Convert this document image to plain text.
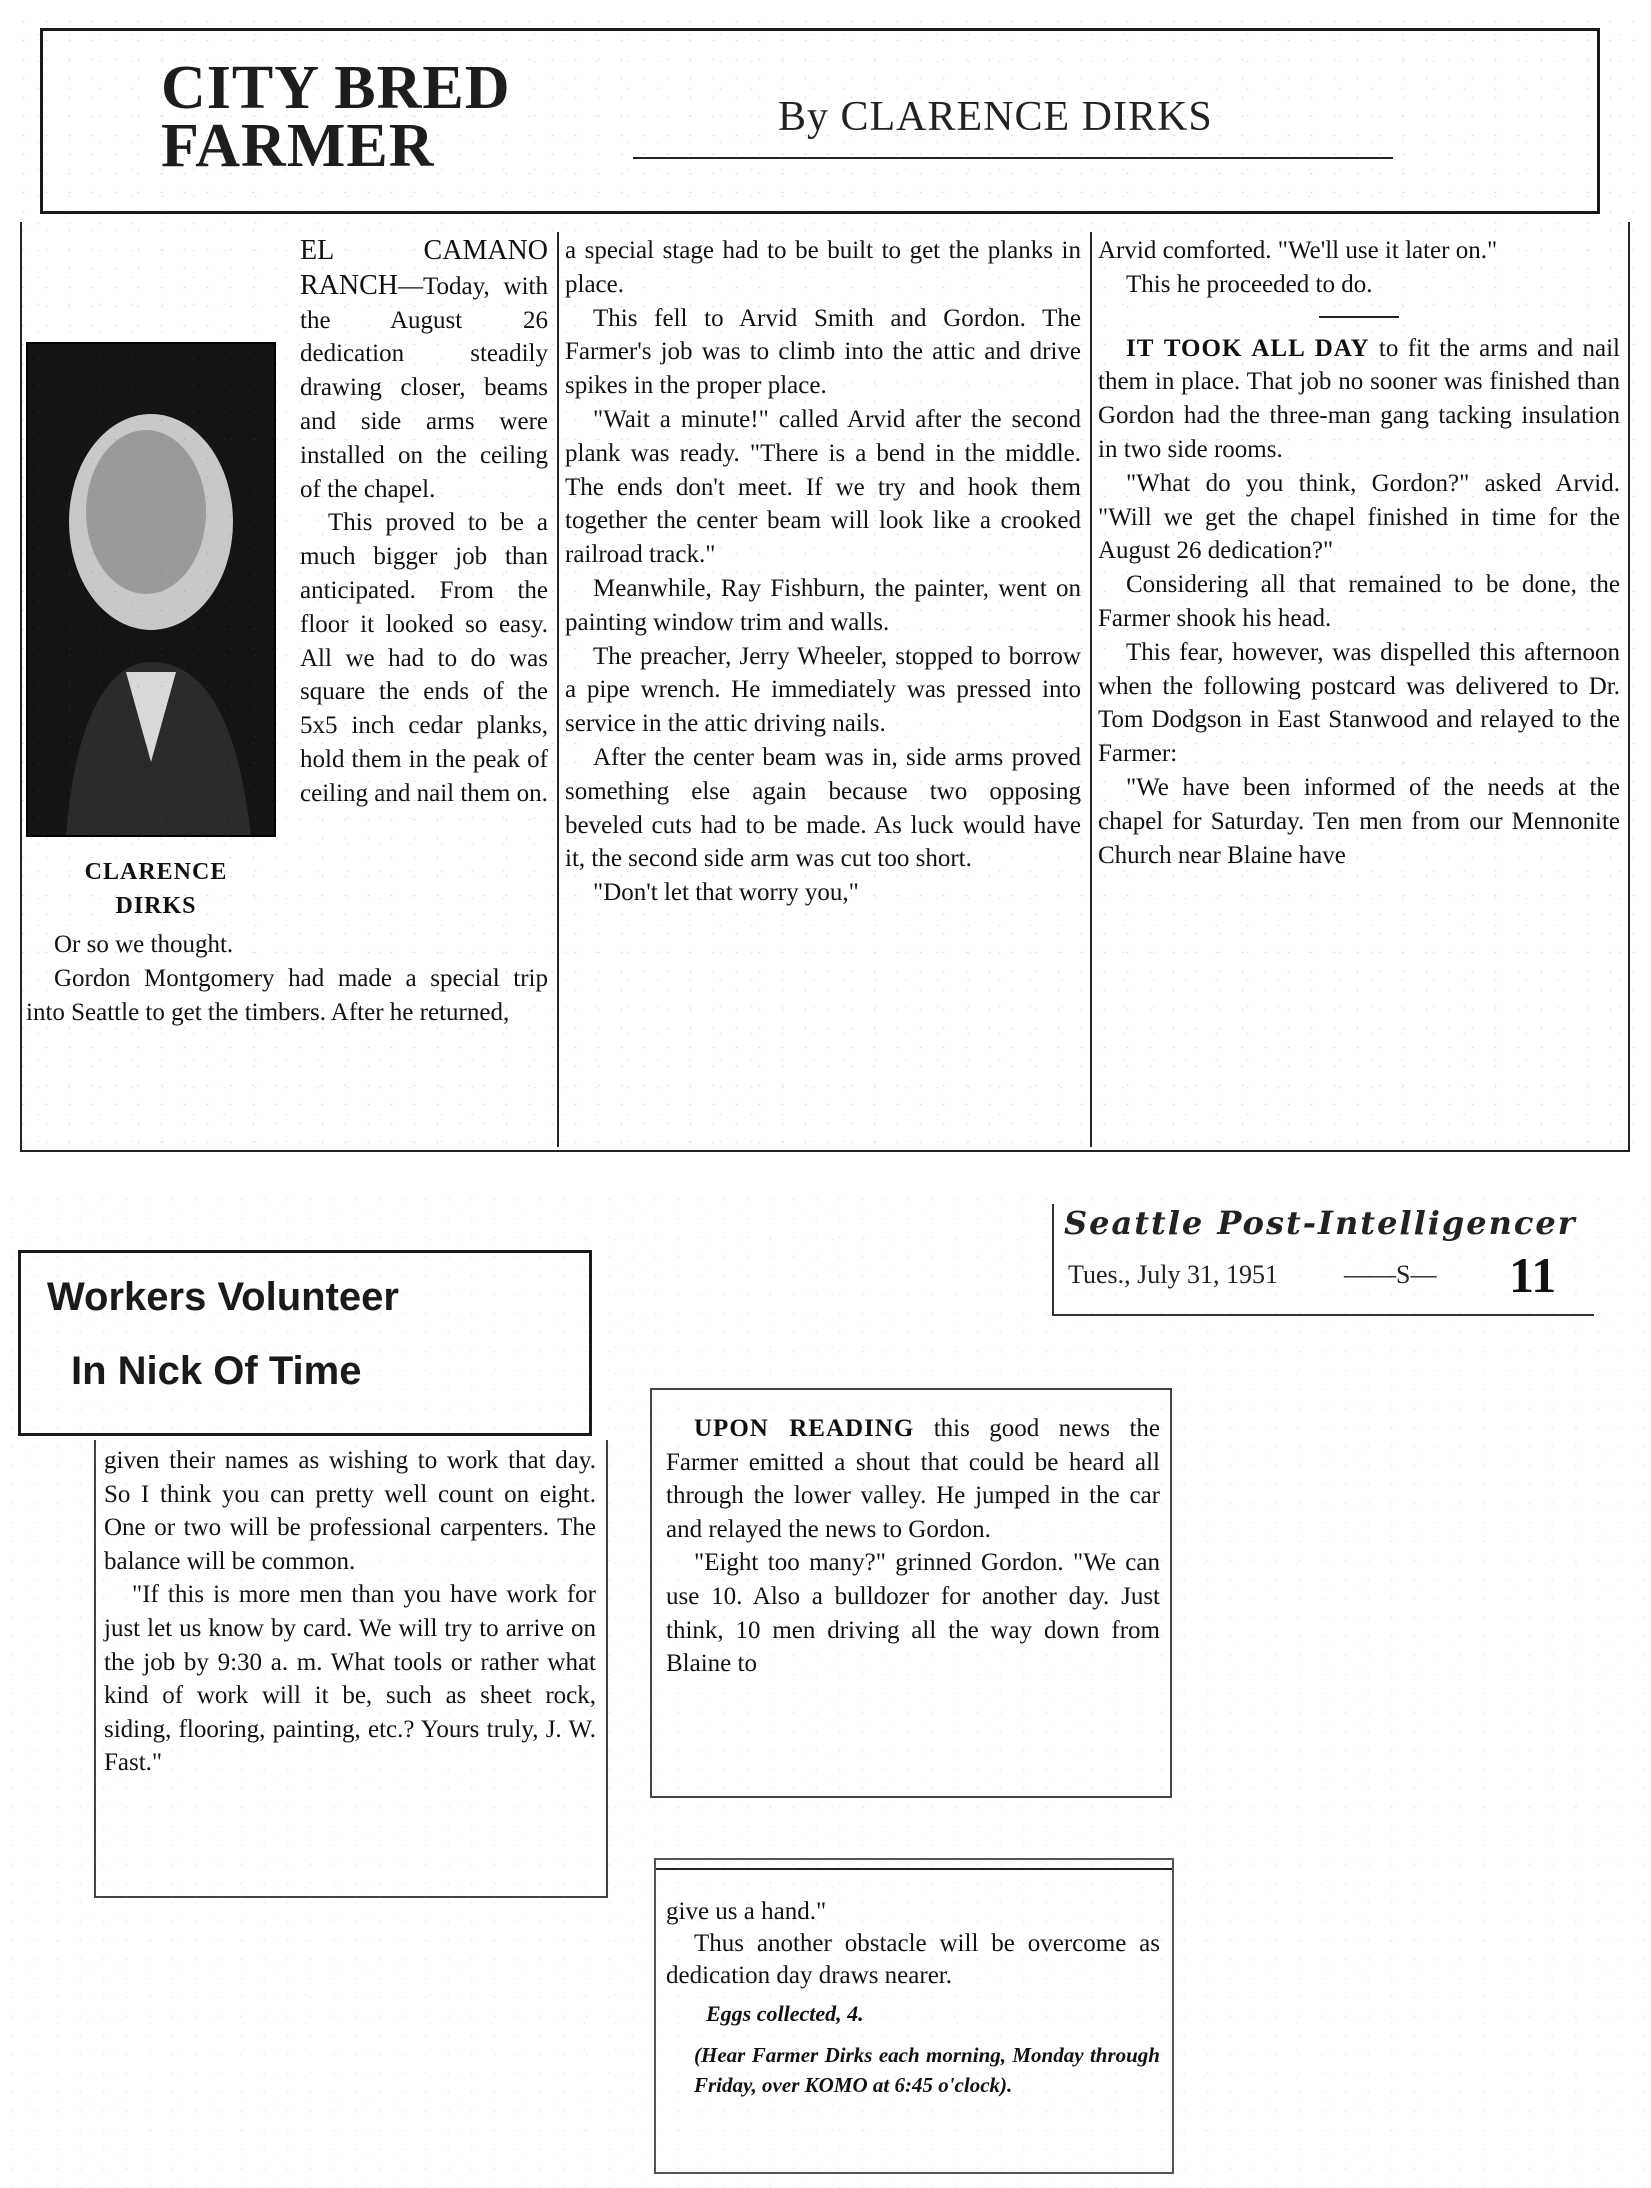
CITY BRED
FARMER	By CLARENCE DIRKS
CLARENCE
DIRKS

EL CAMANO RANCH—Today, with the August 26 dedication steadily drawing closer, beams and side arms were installed on the ceiling of the chapel.

This proved to be a much bigger job than anticipated. From the floor it looked so easy. All we had to do was square the ends of the 5x5 inch cedar planks, hold them in the peak of ceiling and nail them on.

Or so we thought.

Gordon Montgomery had made a special trip into Seattle to get the timbers. After he returned,

a special stage had to be built to get the planks in place.

This fell to Arvid Smith and Gordon. The Farmer's job was to climb into the attic and drive spikes in the proper place.

"Wait a minute!" called Arvid after the second plank was ready. "There is a bend in the middle. The ends don't meet. If we try and hook them together the center beam will look like a crooked railroad track."

Meanwhile, Ray Fishburn, the painter, went on painting window trim and walls.

The preacher, Jerry Wheeler, stopped to borrow a pipe wrench. He immediately was pressed into service in the attic driving nails.

After the center beam was in, side arms proved something else again because two opposing beveled cuts had to be made. As luck would have it, the second side arm was cut too short.

"Don't let that worry you,"

Arvid comforted. "We'll use it later on."

This he proceeded to do.

IT TOOK ALL DAY to fit the arms and nail them in place. That job no sooner was finished than Gordon had the three-man gang tacking insulation in two side rooms.

"What do you think, Gordon?" asked Arvid. "Will we get the chapel finished in time for the August 26 dedication?"

Considering all that remained to be done, the Farmer shook his head.

This fear, however, was dispelled this afternoon when the following postcard was delivered to Dr. Tom Dodgson in East Stanwood and relayed to the Farmer:

"We have been informed of the needs at the chapel for Saturday. Ten men from our Mennonite Church near Blaine have

Seattle Post-Intelligencer
Tues., July 31, 1951	——S— 11
Workers Volunteer
In Nick Of Time

given their names as wishing to work that day. So I think you can pretty well count on eight. One or two will be professional carpenters. The balance will be common.

"If this is more men than you have work for just let us know by card. We will try to arrive on the job by 9:30 a. m. What tools or rather what kind of work will it be, such as sheet rock, siding, flooring, painting, etc.? Yours truly, J. W. Fast."

UPON READING this good news the Farmer emitted a shout that could be heard all through the lower valley. He jumped in the car and relayed the news to Gordon.

"Eight too many?" grinned Gordon. "We can use 10. Also a bulldozer for another day. Just think, 10 men driving all the way down from Blaine to

give us a hand."

Thus another obstacle will be overcome as dedication day draws nearer.

Eggs collected, 4.

(Hear Farmer Dirks each morning, Monday through Friday, over KOMO at 6:45 o'clock).
